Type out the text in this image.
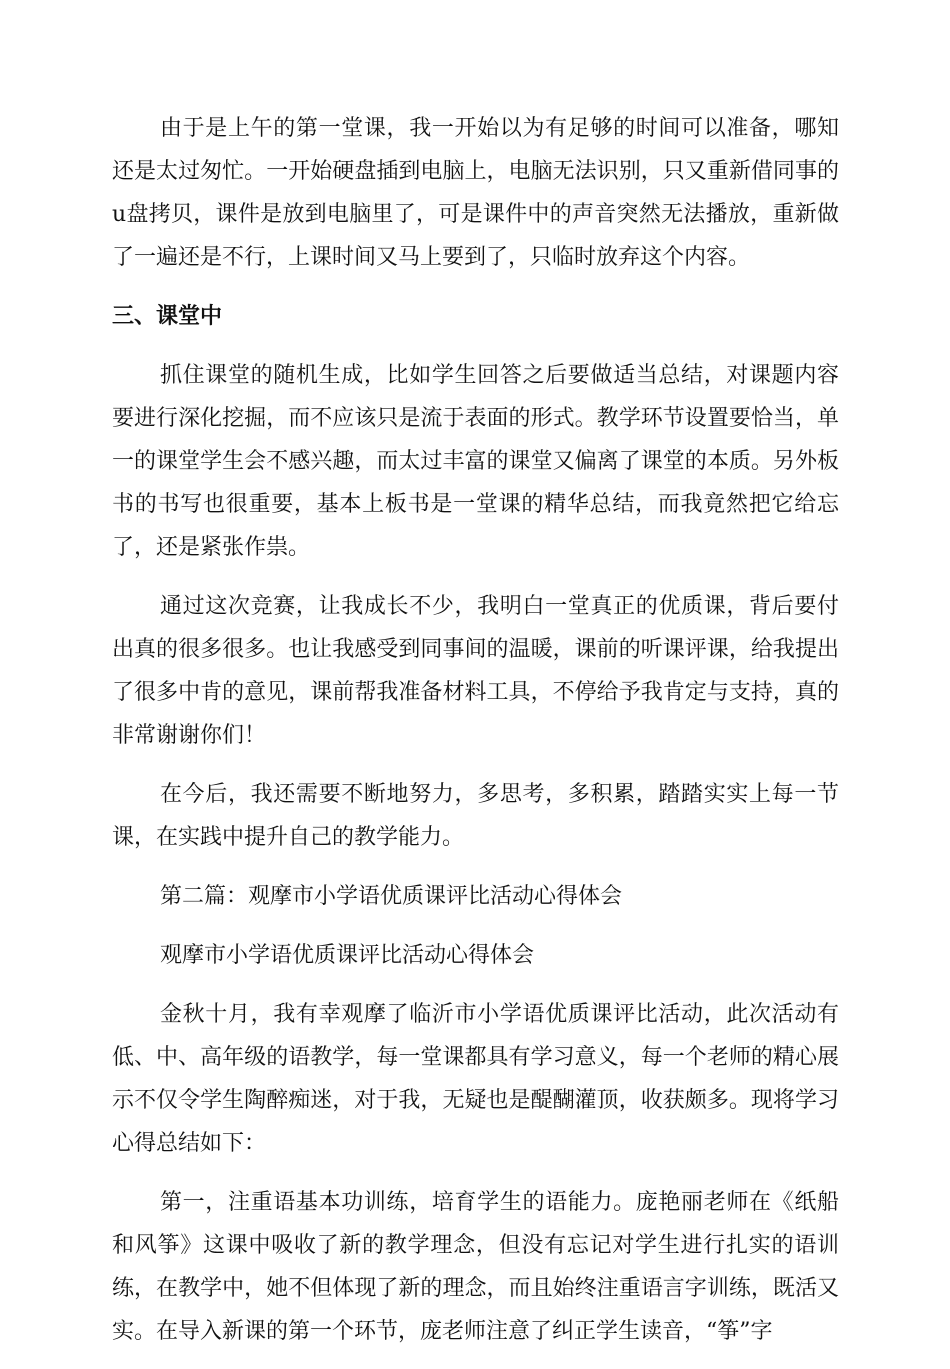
由于是上午的第一堂课，我一开始以为有足够的时间可以准备，哪知还是太过匆忙。一开始硬盘插到电脑上，电脑无法识别，只又重新借同事的u盘拷贝，课件是放到电脑里了，可是课件中的声音突然无法播放，重新做了一遍还是不行，上课时间又马上要到了，只临时放弃这个内容。

三、课堂中

抓住课堂的随机生成，比如学生回答之后要做适当总结，对课题内容要进行深化挖掘，而不应该只是流于表面的形式。教学环节设置要恰当，单一的课堂学生会不感兴趣，而太过丰富的课堂又偏离了课堂的本质。另外板书的书写也很重要，基本上板书是一堂课的精华总结，而我竟然把它给忘了，还是紧张作祟。

通过这次竞赛，让我成长不少，我明白一堂真正的优质课，背后要付出真的很多很多。也让我感受到同事间的温暖，课前的听课评课，给我提出了很多中肯的意见，课前帮我准备材料工具，不停给予我肯定与支持，真的非常谢谢你们！

在今后，我还需要不断地努力，多思考，多积累，踏踏实实上每一节课，在实践中提升自己的教学能力。

第二篇：观摩市小学语优质课评比活动心得体会

观摩市小学语优质课评比活动心得体会

金秋十月，我有幸观摩了临沂市小学语优质课评比活动，此次活动有低、中、高年级的语教学，每一堂课都具有学习意义，每一个老师的精心展示不仅令学生陶醉痴迷，对于我，无疑也是醍醐灌顶，收获颇多。现将学习心得总结如下：

第一，注重语基本功训练，培育学生的语能力。庞艳丽老师在《纸船和风筝》这课中吸收了新的教学理念，但没有忘记对学生进行扎实的语训练，在教学中，她不但体现了新的理念，而且始终注重语言字训练，既活又实。在导入新课的第一个环节，庞老师注意了纠正学生读音，“筝”字
